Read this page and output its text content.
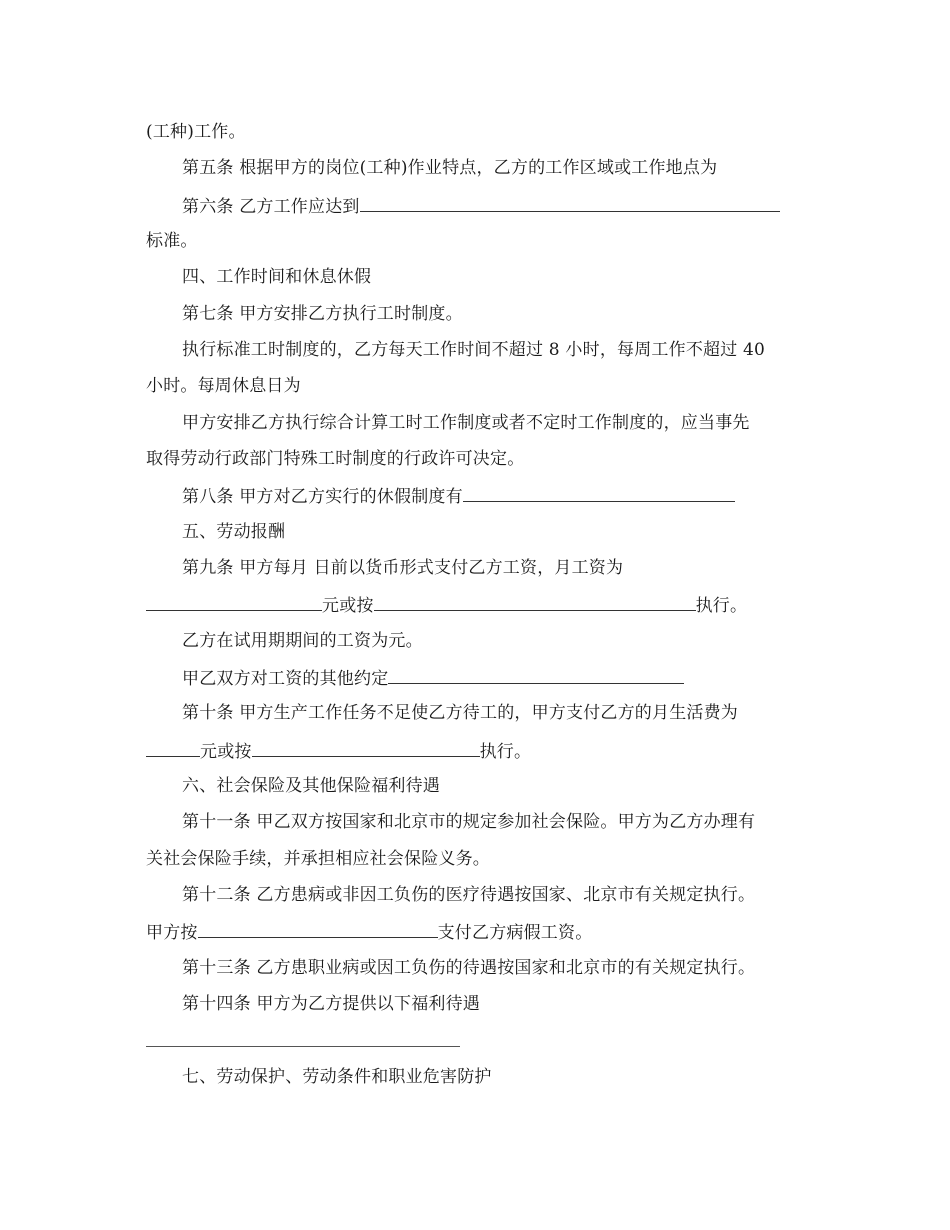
(工种)工作。
第五条 根据甲方的岗位(工种)作业特点，乙方的工作区域或工作地点为
第六条 乙方工作应达到
标准。
四、工作时间和休息休假
第七条 甲方安排乙方执行工时制度。
执行标准工时制度的，乙方每天工作时间不超过 8 小时，每周工作不超过 40
小时。每周休息日为
甲方安排乙方执行综合计算工时工作制度或者不定时工作制度的，应当事先
取得劳动行政部门特殊工时制度的行政许可决定。
第八条 甲方对乙方实行的休假制度有
五、劳动报酬
第九条 甲方每月 日前以货币形式支付乙方工资，月工资为
元或按	执行。
乙方在试用期期间的工资为元。
甲乙双方对工资的其他约定
第十条 甲方生产工作任务不足使乙方待工的，甲方支付乙方的月生活费为
元或按	执行。
六、社会保险及其他保险福利待遇
第十一条 甲乙双方按国家和北京市的规定参加社会保险。甲方为乙方办理有
关社会保险手续，并承担相应社会保险义务。
第十二条 乙方患病或非因工负伤的医疗待遇按国家、北京市有关规定执行。
甲方按	支付乙方病假工资。
第十三条 乙方患职业病或因工负伤的待遇按国家和北京市的有关规定执行。
第十四条 甲方为乙方提供以下福利待遇
七、劳动保护、劳动条件和职业危害防护
